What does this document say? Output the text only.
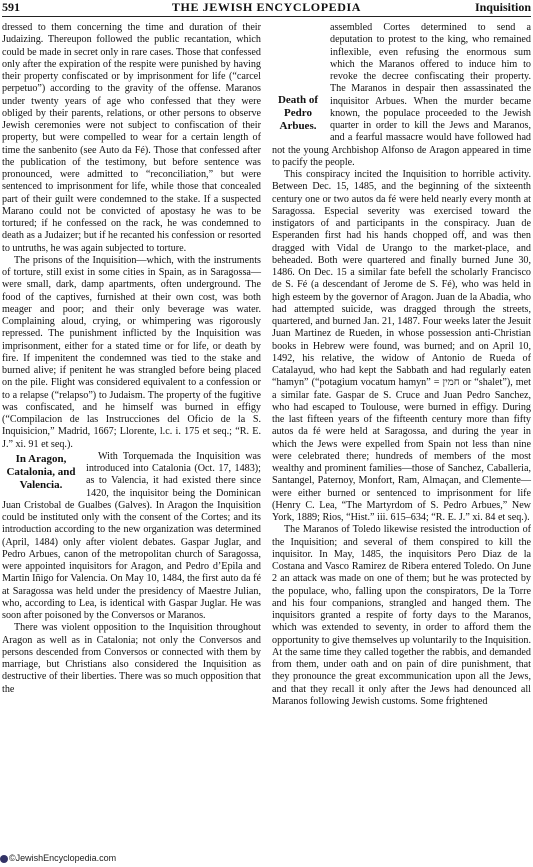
591	THE JEWISH ENCYCLOPEDIA	Inquisition

dressed to them concerning the time and duration of their Judaizing. Thereupon followed the public recantation, which could be made in secret only in rare cases. Those that confessed only after the expiration of the respite were punished by having their property confiscated or by imprisonment for life (“carcel perpetuo”) according to the gravity of the offense. Maranos under twenty years of age who confessed that they were obliged by their parents, relations, or other persons to observe Jewish ceremonies were not subject to confiscation of their property, but were compelled to wear for a certain length of time the sanbenito (see Auto da Fé). Those that confessed after the publication of the testimony, but before sentence was pronounced, were admitted to “reconciliation,” but were sentenced to imprisonment for life, while those that concealed part of their guilt were condemned to the stake. If a suspected Marano could not be convicted of apostasy he was to be tortured; if he confessed on the rack, he was condemned to death as a Judaizer; but if he recanted his confession or resorted to untruths, he was again subjected to torture.

The prisons of the Inquisition—which, with the instruments of torture, still exist in some cities in Spain, as in Saragossa—were small, dark, damp apartments, often underground. The food of the captives, furnished at their own cost, was both meager and poor; and their only beverage was water. Complaining aloud, crying, or whimpering was rigorously repressed. The punishment inflicted by the Inquisition was imprisonment, either for a stated time or for life, or death by fire. If impenitent the condemned was tied to the stake and burned alive; if penitent he was strangled before being placed on the pile. Flight was considered equivalent to a confession or to a relapse (“relapso”) to Judaism. The property of the fugitive was confiscated, and he himself was burned in effigy (“Compilacion de las Instrucciones del Oficio de la S. Inquisicion,” Madrid, 1667; Llorente, l.c. i. 175 et seq.; “R. E. J.” xi. 91 et seq.).

In Aragon, Catalonia, and Valencia.

With Torquemada the Inquisition was introduced into Catalonia (Oct. 17, 1483); as to Valencia, it had existed there since 1420, the inquisitor being the Dominican Juan Cristobal de Gualbes (Galves). In Aragon the Inquisition could be instituted only with the consent of the Cortes; and its introduction according to the new organization was determined (April, 1484) only after violent debates. Gaspar Juglar, and Pedro Arbues, canon of the metropolitan church of Saragossa, were appointed inquisitors for Aragon, and Pedro d’Epila and Martin Iñigo for Valencia. On May 10, 1484, the first auto da fé at Saragossa was held under the presidency of Maestre Julian, who, according to Lea, is identical with Gaspar Juglar. He was soon after poisoned by the Conversos or Maranos.

There was violent opposition to the Inquisition throughout Aragon as well as in Catalonia; not only the Conversos and persons descended from Conversos or connected with them by marriage, but Christians also considered the Inquisition as destructive of their liberties. There was so much opposition that the

Death of Pedro Arbues.

assembled Cortes determined to send a deputation to protest to the king, who remained inflexible, even refusing the enormous sum which the Maranos offered to induce him to revoke the decree confiscating their property. The Maranos in despair then assassinated the inquisitor Arbues. When the murder became known, the populace proceeded to the Jewish quarter in order to kill the Jews and Maranos, and a fearful massacre would have followed had not the young Archbishop Alfonso de Aragon appeared in time to pacify the people.

This conspiracy incited the Inquisition to horrible activity. Between Dec. 15, 1485, and the beginning of the sixteenth century one or two autos da fé were held nearly every month at Saragossa. Especial severity was exercised toward the instigators of and participants in the conspiracy. Juan de Esperanden first had his hands chopped off, and was then dragged with Vidal de Urango to the market-place, and beheaded. Both were quartered and finally burned June 30, 1486. On Dec. 15 a similar fate befell the scholarly Francisco de S. Fé (a descendant of Jerome de S. Fé), who was held in high esteem by the governor of Aragon. Juan de la Abadia, who had attempted suicide, was dragged through the streets, quartered, and burned Jan. 21, 1487. Four weeks later the Jesuit Juan Martinez de Rueden, in whose possession anti-Christian books in Hebrew were found, was burned; and on April 10, 1492, his relative, the widow of Antonio de Rueda of Catalayud, who had kept the Sabbath and had regularly eaten “hamyn” (“potagium vocatum hamyn” = חמין or “shalet”), met a similar fate. Gaspar de S. Cruce and Juan Pedro Sanchez, who had escaped to Toulouse, were burned in effigy. During the last fifteen years of the fifteenth century more than fifty autos da fé were held at Saragossa, and during the year in which the Jews were expelled from Spain not less than nine were celebrated there; hundreds of members of the most wealthy and prominent families—those of Sanchez, Caballeria, Santangel, Paternoy, Monfort, Ram, Almaçan, and Clemente—were either burned or sentenced to imprisonment for life (Henry C. Lea, “The Martyrdom of S. Pedro Arbues,” New York, 1889; Rios, “Hist.” iii. 615–634; “R. E. J.” xi. 84 et seq.).

The Maranos of Toledo likewise resisted the introduction of the Inquisition; and several of them conspired to kill the inquisitor. In May, 1485, the inquisitors Pero Diaz de la Costana and Vasco Ramirez de Ribera entered Toledo. On June 2 an attack was made on one of them; but he was protected by the populace, who, falling upon the conspirators, De la Torre and his four companions, strangled and hanged them. The inquisitors granted a respite of forty days to the Maranos, which was extended to seventy, in order to afford them the opportunity to give themselves up voluntarily to the Inquisition. At the same time they called together the rabbis, and demanded from them, under oath and on pain of dire punishment, that they pronounce the great excommunication upon all the Jews, and that they recall it only after the Jews had denounced all Maranos following Jewish customs. Some frightened

©JewishEncyclopedia.com
